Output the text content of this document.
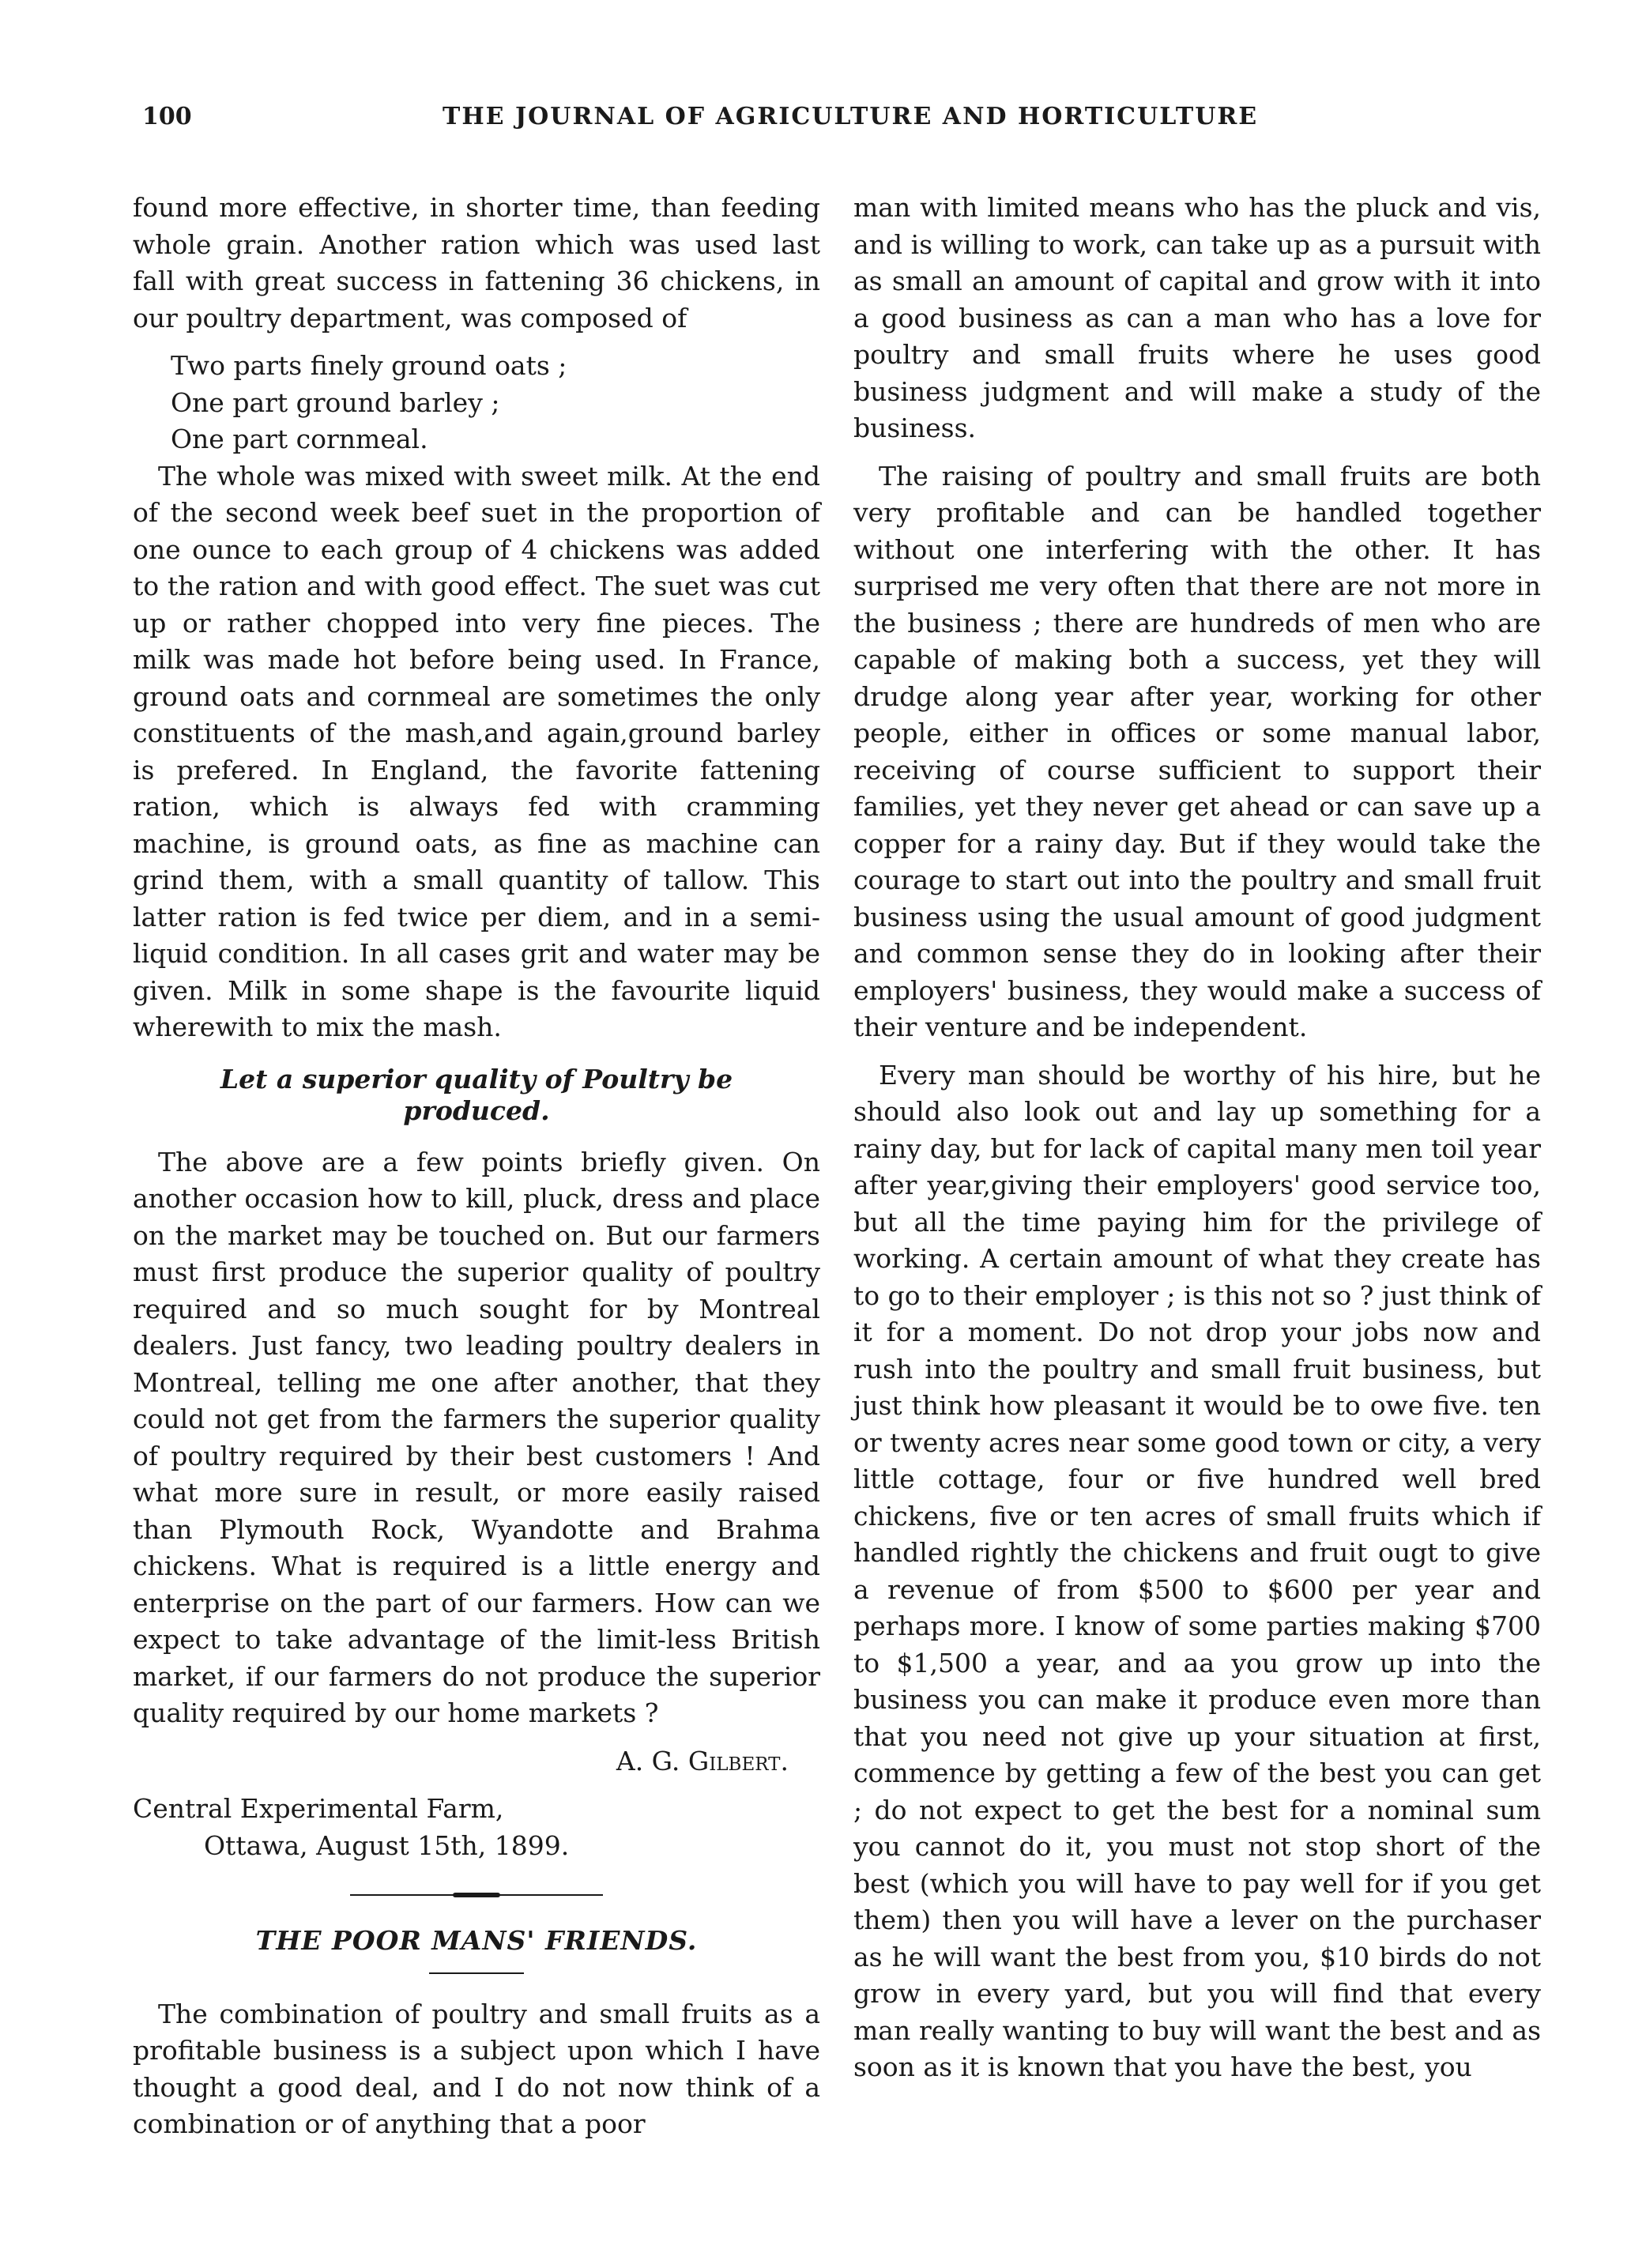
100	THE JOURNAL OF AGRICULTURE AND HORTICULTURE

found more effective, in shorter time, than feeding whole grain. Another ration which was used last fall with great success in fattening 36 chickens, in our poultry department, was composed of

Two parts finely ground oats ;

One part ground barley ;

One part cornmeal.

The whole was mixed with sweet milk. At the end of the second week beef suet in the proportion of one ounce to each group of 4 chickens was added to the ration and with good effect. The suet was cut up or rather chopped into very fine pieces. The milk was made hot before being used. In France, ground oats and cornmeal are sometimes the only constituents of the mash,and again,ground barley is prefered. In England, the favorite fattening ration, which is always fed with cramming machine, is ground oats, as fine as machine can grind them, with a small quantity of tallow. This latter ration is fed twice per diem, and in a semi-liquid condition. In all cases grit and water may be given. Milk in some shape is the favourite liquid wherewith to mix the mash.

Let a superior quality of Poultry be produced.

The above are a few points briefly given. On another occasion how to kill, pluck, dress and place on the market may be touched on. But our farmers must first produce the superior quality of poultry required and so much sought for by Montreal dealers. Just fancy, two leading poultry dealers in Montreal, telling me one after another, that they could not get from the farmers the superior quality of poultry required by their best customers ! And what more sure in result, or more easily raised than Plymouth Rock, Wyandotte and Brahma chickens. What is required is a little energy and enterprise on the part of our farmers. How can we expect to take advantage of the limit-less British market, if our farmers do not produce the superior quality required by our home markets ?

A. G. Gilbert.

Central Experimental Farm,

Ottawa, August 15th, 1899.

THE POOR MANS' FRIENDS.

The combination of poultry and small fruits as a profitable business is a subject upon which I have thought a good deal, and I do not now think of a combination or of anything that a poor

man with limited means who has the pluck and vis, and is willing to work, can take up as a pursuit with as small an amount of capital and grow with it into a good business as can a man who has a love for poultry and small fruits where he uses good business judgment and will make a study of the business.

The raising of poultry and small fruits are both very profitable and can be handled together without one interfering with the other. It has surprised me very often that there are not more in the business ; there are hundreds of men who are capable of making both a success, yet they will drudge along year after year, working for other people, either in offices or some manual labor, receiving of course sufficient to support their families, yet they never get ahead or can save up a copper for a rainy day. But if they would take the courage to start out into the poultry and small fruit business using the usual amount of good judgment and common sense they do in looking after their employers' business, they would make a success of their venture and be independent.

Every man should be worthy of his hire, but he should also look out and lay up something for a rainy day, but for lack of capital many men toil year after year,giving their employers' good service too, but all the time paying him for the privilege of working. A certain amount of what they create has to go to their employer ; is this not so ? just think of it for a moment. Do not drop your jobs now and rush into the poultry and small fruit business, but just think how pleasant it would be to owe five. ten or twenty acres near some good town or city, a very little cottage, four or five hundred well bred chickens, five or ten acres of small fruits which if handled rightly the chickens and fruit ougt to give a revenue of from $500 to $600 per year and perhaps more. I know of some parties making $700 to $1,500 a year, and aa you grow up into the business you can make it produce even more than that you need not give up your situation at first, commence by getting a few of the best you can get ; do not expect to get the best for a nominal sum you cannot do it, you must not stop short of the best (which you will have to pay well for if you get them) then you will have a lever on the purchaser as he will want the best from you, $10 birds do not grow in every yard, but you will find that every man really wanting to buy will want the best and as soon as it is known that you have the best, you
